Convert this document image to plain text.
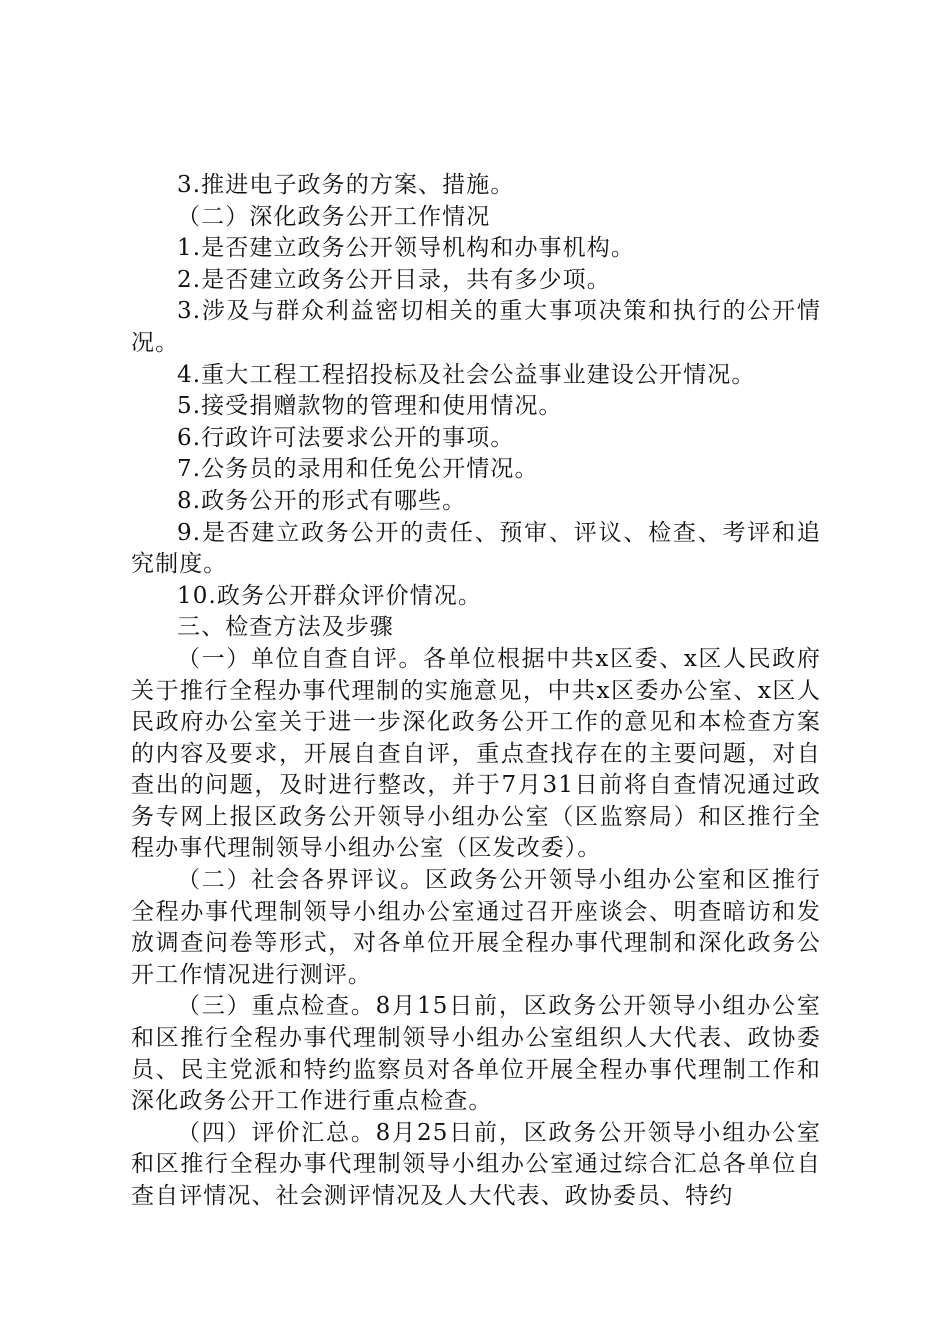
3.推进电子政务的方案、措施。

（二）深化政务公开工作情况

1.是否建立政务公开领导机构和办事机构。

2.是否建立政务公开目录，共有多少项。

3.涉及与群众利益密切相关的重大事项决策和执行的公开情况。

4.重大工程工程招投标及社会公益事业建设公开情况。

5.接受捐赠款物的管理和使用情况。

6.行政许可法要求公开的事项。

7.公务员的录用和任免公开情况。

8.政务公开的形式有哪些。

9.是否建立政务公开的责任、预审、评议、检查、考评和追究制度。

10.政务公开群众评价情况。

三、检查方法及步骤

（一）单位自查自评。各单位根据中共x区委、x区人民政府关于推行全程办事代理制的实施意见，中共x区委办公室、x区人民政府办公室关于进一步深化政务公开工作的意见和本检查方案的内容及要求，开展自查自评，重点查找存在的主要问题，对自查出的问题，及时进行整改，并于7月31日前将自查情况通过政务专网上报区政务公开领导小组办公室（区监察局）和区推行全程办事代理制领导小组办公室（区发改委）。

（二）社会各界评议。区政务公开领导小组办公室和区推行全程办事代理制领导小组办公室通过召开座谈会、明查暗访和发放调查问卷等形式，对各单位开展全程办事代理制和深化政务公开工作情况进行测评。

（三）重点检查。8月15日前，区政务公开领导小组办公室和区推行全程办事代理制领导小组办公室组织人大代表、政协委员、民主党派和特约监察员对各单位开展全程办事代理制工作和深化政务公开工作进行重点检查。

（四）评价汇总。8月25日前，区政务公开领导小组办公室和区推行全程办事代理制领导小组办公室通过综合汇总各单位自查自评情况、社会测评情况及人大代表、政协委员、特约
